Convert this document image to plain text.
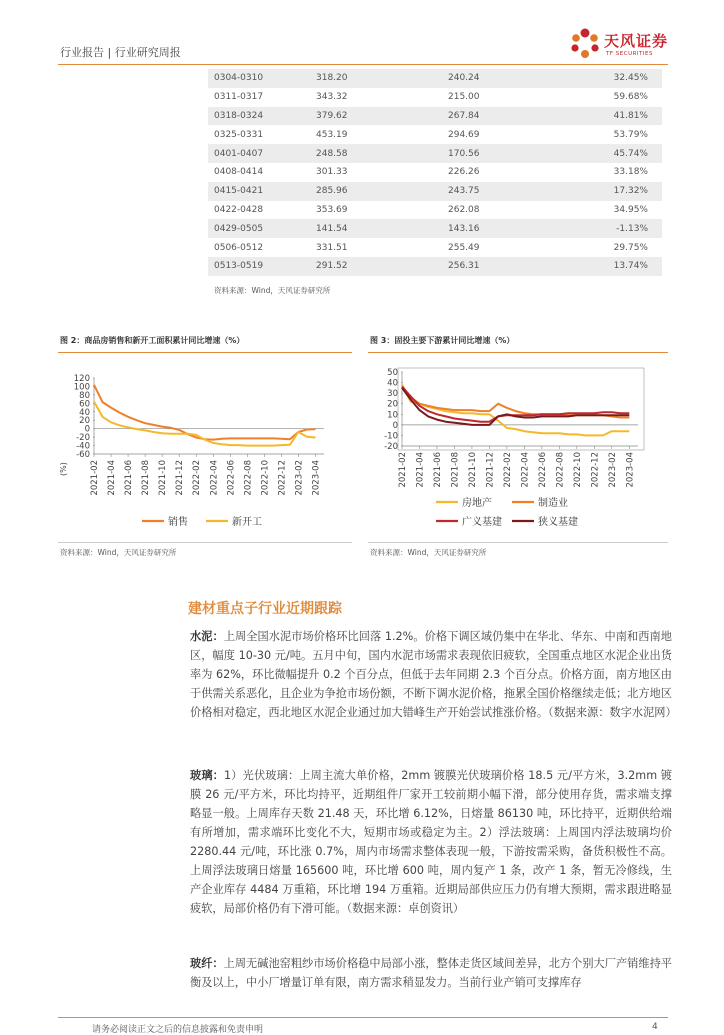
行业报告 | 行业研究周报
天风证券
TF SECURITIES
0304-0310	318.20	240.24	32.45%
0311-0317	343.32	215.00	59.68%
0318-0324	379.62	267.84	41.81%
0325-0331	453.19	294.69	53.79%
0401-0407	248.58	170.56	45.74%
0408-0414	301.33	226.26	33.18%
0415-0421	285.96	243.75	17.32%
0422-0428	353.69	262.08	34.95%
0429-0505	141.54	143.16	-1.13%
0506-0512	331.51	255.49	29.75%
0513-0519	291.52	256.31	13.74%
资料来源：Wind，天风证券研究所
图 2：商品房销售和新开工面积累计同比增速（%）
120
100
80
60
40
20
0
-20
-40
-60
(%)	2021-02 2021-04 2021-06 2021-08 2021-10 2021-12 2022-02 2022-04 2022-06 2022-08 2022-10 2022-12 2023-02 2023-04
销售	新开工
资料来源：Wind，天风证券研究所
图 3：固投主要下游累计同比增速（%）
50
40
30
20
10
0
-10
-20
2021-02 2021-04 2021-06 2021-08 2021-10 2021-12 2022-02 2022-04 2022-06 2022-08 2022-10 2022-12 2023-02 2023-04
房地产	制造业
广义基建	狭义基建
资料来源：Wind，天风证券研究所
建材重点子行业近期跟踪

水泥：上周全国水泥市场价格环比回落 1.2%。价格下调区域仍集中在华北、华东、中南和西南地区，幅度 10-30 元/吨。五月中旬，国内水泥市场需求表现依旧疲软，全国重点地区水泥企业出货率为 62%，环比微幅提升 0.2 个百分点，但低于去年同期 2.3 个百分点。价格方面，南方地区由于供需关系恶化，且企业为争抢市场份额，不断下调水泥价格，拖累全国价格继续走低；北方地区价格相对稳定，西北地区水泥企业通过加大错峰生产开始尝试推涨价格。（数据来源：数字水泥网）

玻璃：1）光伏玻璃：上周主流大单价格，2mm 镀膜光伏玻璃价格 18.5 元/平方米，3.2mm 镀膜 26 元/平方米，环比均持平，近期组件厂家开工较前期小幅下滑，部分使用存货，需求端支撑略显一般。上周库存天数 21.48 天，环比增 6.12%，日熔量 86130 吨，环比持平，近期供给端有所增加，需求端环比变化不大，短期市场或稳定为主。2）浮法玻璃：上周国内浮法玻璃均价 2280.44 元/吨，环比涨 0.7%，周内市场需求整体表现一般，下游按需采购，备货积极性不高。上周浮法玻璃日熔量 165600 吨，环比增 600 吨，周内复产 1 条，改产 1 条，暂无冷修线，生产企业库存 4484 万重箱，环比增 194 万重箱。近期局部供应压力仍有增大预期，需求跟进略显疲软，局部价格仍有下滑可能。（数据来源：卓创资讯）

玻纤：上周无碱池窑粗纱市场价格稳中局部小涨，整体走货区域间差异，北方个别大厂产销维持平衡及以上，中小厂增量订单有限，南方需求稍显发力。当前行业产销可支撑库存

请务必阅读正文之后的信息披露和免责申明	4
